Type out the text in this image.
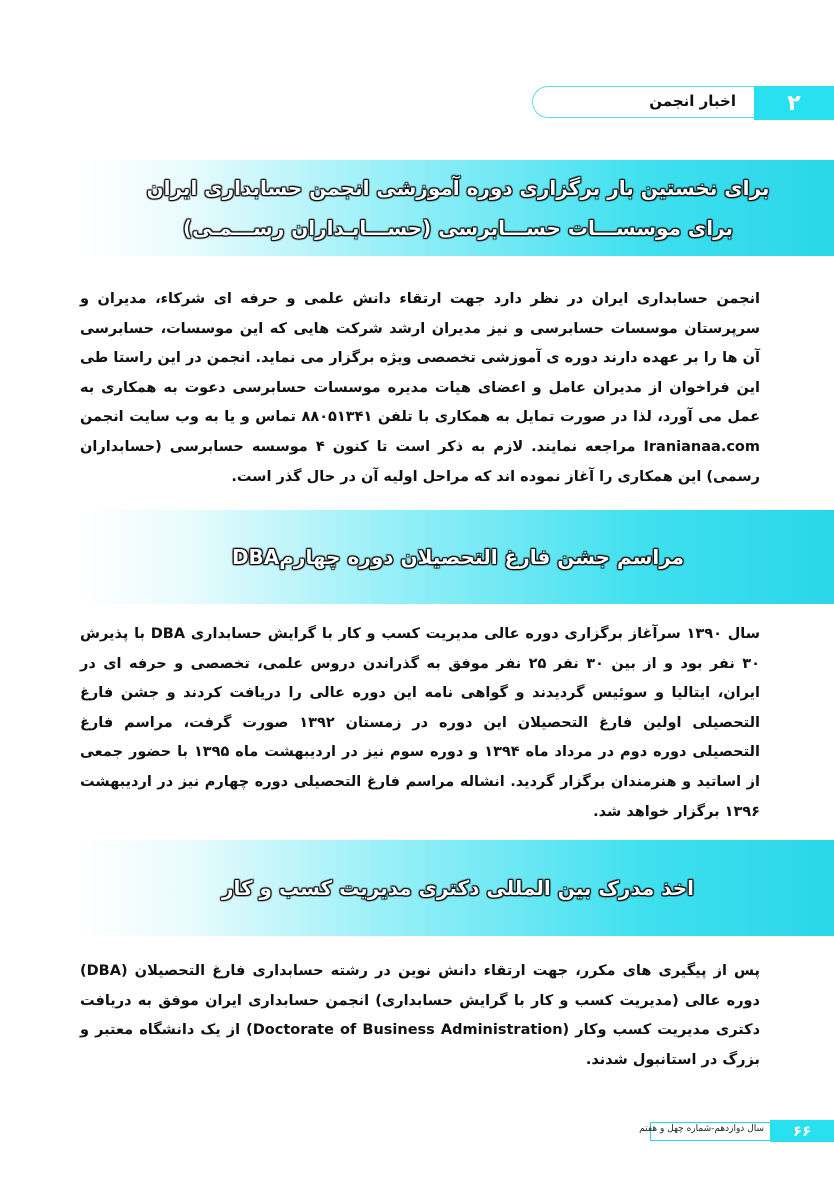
۲
اخبار انجمن
برای نخستین بار برگزاری دوره آموزشی انجمن حسابداری ایران
برای موسســـات حســـابرسی (حســـابـداران رســـمـی)
انجمن حسابداری ایران در نظر دارد جهت ارتقاء دانش علمی و حرفه ای شرکاء، مدیران و سرپرستان موسسات حسابرسی و نیز مدیران ارشد شرکت هایی که این موسسات، حسابرسی آن ها را بر عهده دارند دوره ی آموزشی تخصصی ویژه برگزار می نماید. انجمن در این راستا طی این فراخوان از مدیران عامل و اعضای هیات مدیره موسسات حسابرسی دعوت به همکاری به عمل می آورد، لذا در صورت تمایل به همکاری با تلفن ۸۸۰۵۱۳۴۱ تماس و یا به وب سایت انجمن Iranianaa.com مراجعه نمایند. لازم به ذکر است تا کنون ۴ موسسه حسابرسی (حسابداران رسمی) این همکاری را آغاز نموده اند که مراحل اولیه آن در حال گذر است.
مراسم جشن فارغ التحصیلان دوره چهارمDBA
سال ۱۳۹۰ سرآغاز برگزاری دوره عالی مدیریت کسب و کار با گرایش حسابداری DBA با پذیرش ۳۰ نفر بود و از بین ۳۰ نفر ۲۵ نفر موفق به گذراندن دروس علمی، تخصصی و حرفه ای در ایران، ایتالیا و سوئیس گردیدند و گواهی نامه این دوره عالی را دریافت کردند و جشن فارغ التحصیلی اولین فارغ التحصیلان این دوره در زمستان ۱۳۹۲ صورت گرفت، مراسم فارغ التحصیلی دوره دوم در مرداد ماه ۱۳۹۴ و دوره سوم نیز در اردیبهشت ماه ۱۳۹۵ با حضور جمعی از اساتید و هنرمندان برگزار گردید. انشاله مراسم فارغ التحصیلی دوره چهارم نیز در اردیبهشت ۱۳۹۶ برگزار خواهد شد.
اخذ مدرک بین المللی دکتری مدیریت کسب و کار
پس از پیگیری های مکرر، جهت ارتقاء دانش نوین در رشته حسابداری فارغ التحصیلان (DBA) دوره عالی (مدیریت کسب و کار با گرایش حسابداری) انجمن حسابداری ایران موفق به دریافت دکتری مدیریت کسب وکار (Doctorate of Business Administration) از یک دانشگاه معتبر و بزرگ در استانبول شدند.
سال دوازدهم-شماره چهل و هفتم	۶۶
